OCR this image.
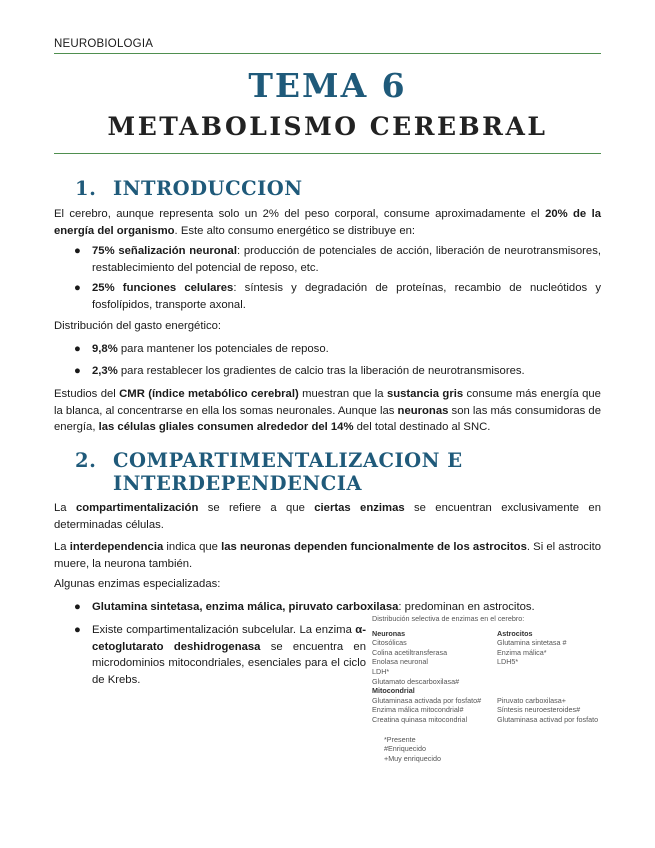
NEUROBIOLOGIA
TEMA 6
METABOLISMO CEREBRAL
1. INTRODUCCION

El cerebro, aunque representa solo un 2% del peso corporal, consume aproximadamente el 20% de la energía del organismo. Este alto consumo energético se distribuye en:

● 75% señalización neuronal: producción de potenciales de acción, liberación de neurotransmisores, restablecimiento del potencial de reposo, etc.
● 25% funciones celulares: síntesis y degradación de proteínas, recambio de nucleótidos y fosfolípidos, transporte axonal.

Distribución del gasto energético:

● 9,8% para mantener los potenciales de reposo.
● 2,3% para restablecer los gradientes de calcio tras la liberación de neurotransmisores.

Estudios del CMR (índice metabólico cerebral) muestran que la sustancia gris consume más energía que la blanca, al concentrarse en ella los somas neuronales. Aunque las neuronas son las más consumidoras de energía, las células gliales consumen alrededor del 14% del total destinado al SNC.

2. COMPARTIMENTALIZACION E
INTERDEPENDENCIA

La compartimentalización se refiere a que ciertas enzimas se encuentran exclusivamente en determinadas células.

La interdependencia indica que las neuronas dependen funcionalmente de los astrocitos. Si el astrocito muere, la neurona también.

Algunas enzimas especializadas:

● Glutamina sintetasa, enzima málica, piruvato carboxilasa: predominan en astrocitos.
● Existe compartimentalización subcelular. La enzima α-cetoglutarato deshidrogenasa se encuentra en microdominios mitocondriales, esenciales para el ciclo de Krebs.
Distribución selectiva de enzimas en el cerebro:
Neuronas
Citosólicas
Colina acetiltransferasa
Enolasa neuronal
LDH*
Glutamato descarboxilasa#
Mitocondrial
Glutaminasa activada por fosfato#
Enzima málica mitocondrial#
Creatina quinasa mitocondrial
Astrocitos
Glutamina sintetasa #
Enzima málica*
LDH5*
Piruvato carboxilasa+
Síntesis neuroesteroides#
Glutaminasa activad por fosfato
*Presente
#Enriquecido
+Muy enriquecido
